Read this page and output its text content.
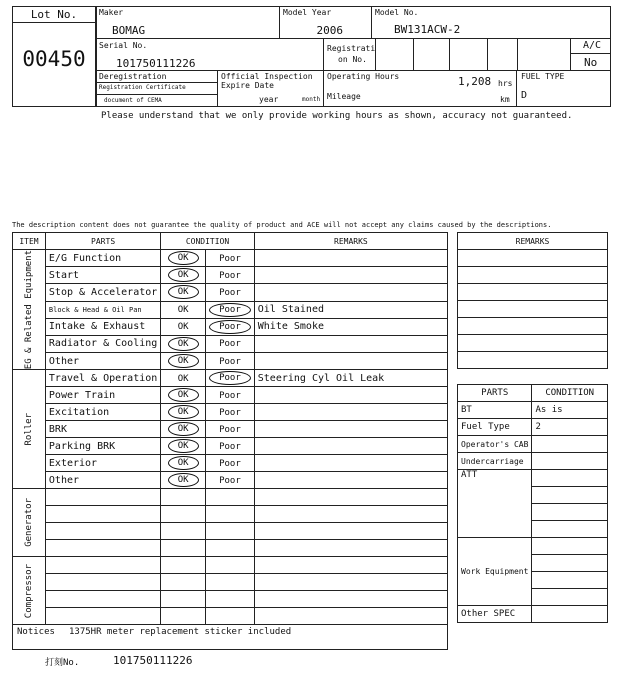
Lot No.
00450
Maker
BOMAG
Model Year
2006
Model No.
BW131ACW-2
Serial No.
101750111226
Registrati
on No.
A/C
No
Deregistration
Registration Certificate
document of CEMA
Official Inspection
Expire Date
year	month
Operating Hours	1,208 hrs
Mileage	km
FUEL TYPE
D
Please understand that we only provide working hours as shown, accuracy not guaranteed.
The description content does not guarantee the quality of product and ACE will not accept any claims caused by the descriptions.
ITEM	PARTS	CONDITION		REMARKS

EG & Related Equipment	E/G Function	OK	Poor	
	Start	OK	Poor	
	Stop & Accelerator	OK	Poor	
	Block & Head & Oil Pan	OK	Poor	Oil Stained
	Intake & Exhaust	OK	Poor	White Smoke
	Radiator & Cooling	OK	Poor	
	Other	OK	Poor	

Roller	Travel & Operation	OK	Poor	Steering Cyl Oil Leak
	Power Train	OK	Poor	
	Excitation	OK	Poor	
	BRK	OK	Poor	
	Parking BRK	OK	Poor	
	Exterior	OK	Poor	
	Other	OK	Poor	

Generator				

Compressor				

REMARKS

PARTS	CONDITION
BT	As is
Fuel Type	2
Operator's CAB	
Undercarriage	
ATT	

Work Equipment	

Other SPEC	
Notices 1375HR meter replacement sticker included
打刻No.	101750111226
